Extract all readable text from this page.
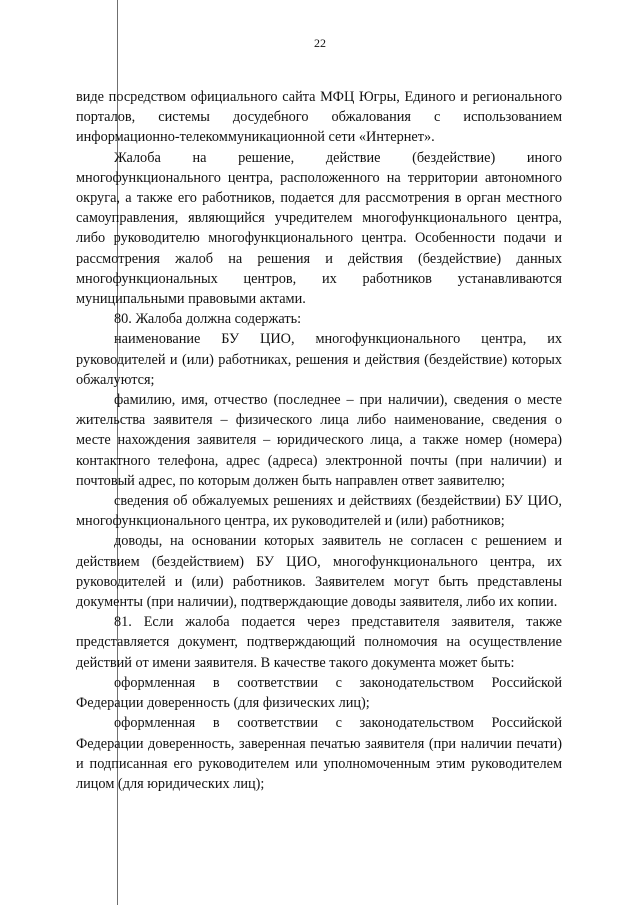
22

виде посредством официального сайта МФЦ Югры, Единого и регионального порталов, системы досудебного обжалования с использованием информационно-телекоммуникационной сети «Интернет».

Жалоба на решение, действие (бездействие) иного многофункционального центра, расположенного на территории автономного округа, а также его работников, подается для рассмотрения в орган местного самоуправления, являющийся учредителем многофункционального центра, либо руководителю многофункционального центра. Особенности подачи и рассмотрения жалоб на решения и действия (бездействие) данных многофункциональных центров, их работников устанавливаются муниципальными правовыми актами.

80. Жалоба должна содержать:

наименование БУ ЦИО, многофункционального центра, их руководителей и (или) работниках, решения и действия (бездействие) которых обжалуются;

фамилию, имя, отчество (последнее – при наличии), сведения о месте жительства заявителя – физического лица либо наименование, сведения о месте нахождения заявителя – юридического лица, а также номер (номера) контактного телефона, адрес (адреса) электронной почты (при наличии) и почтовый адрес, по которым должен быть направлен ответ заявителю;

сведения об обжалуемых решениях и действиях (бездействии) БУ ЦИО, многофункционального центра, их руководителей и (или) работников;

доводы, на основании которых заявитель не согласен с решением и действием (бездействием) БУ ЦИО, многофункционального центра, их руководителей и (или) работников. Заявителем могут быть представлены документы (при наличии), подтверждающие доводы заявителя, либо их копии.

81. Если жалоба подается через представителя заявителя, также представляется документ, подтверждающий полномочия на осуществление действий от имени заявителя. В качестве такого документа может быть:

оформленная в соответствии с законодательством Российской Федерации доверенность (для физических лиц);

оформленная в соответствии с законодательством Российской Федерации доверенность, заверенная печатью заявителя (при наличии печати) и подписанная его руководителем или уполномоченным этим руководителем лицом (для юридических лиц);
